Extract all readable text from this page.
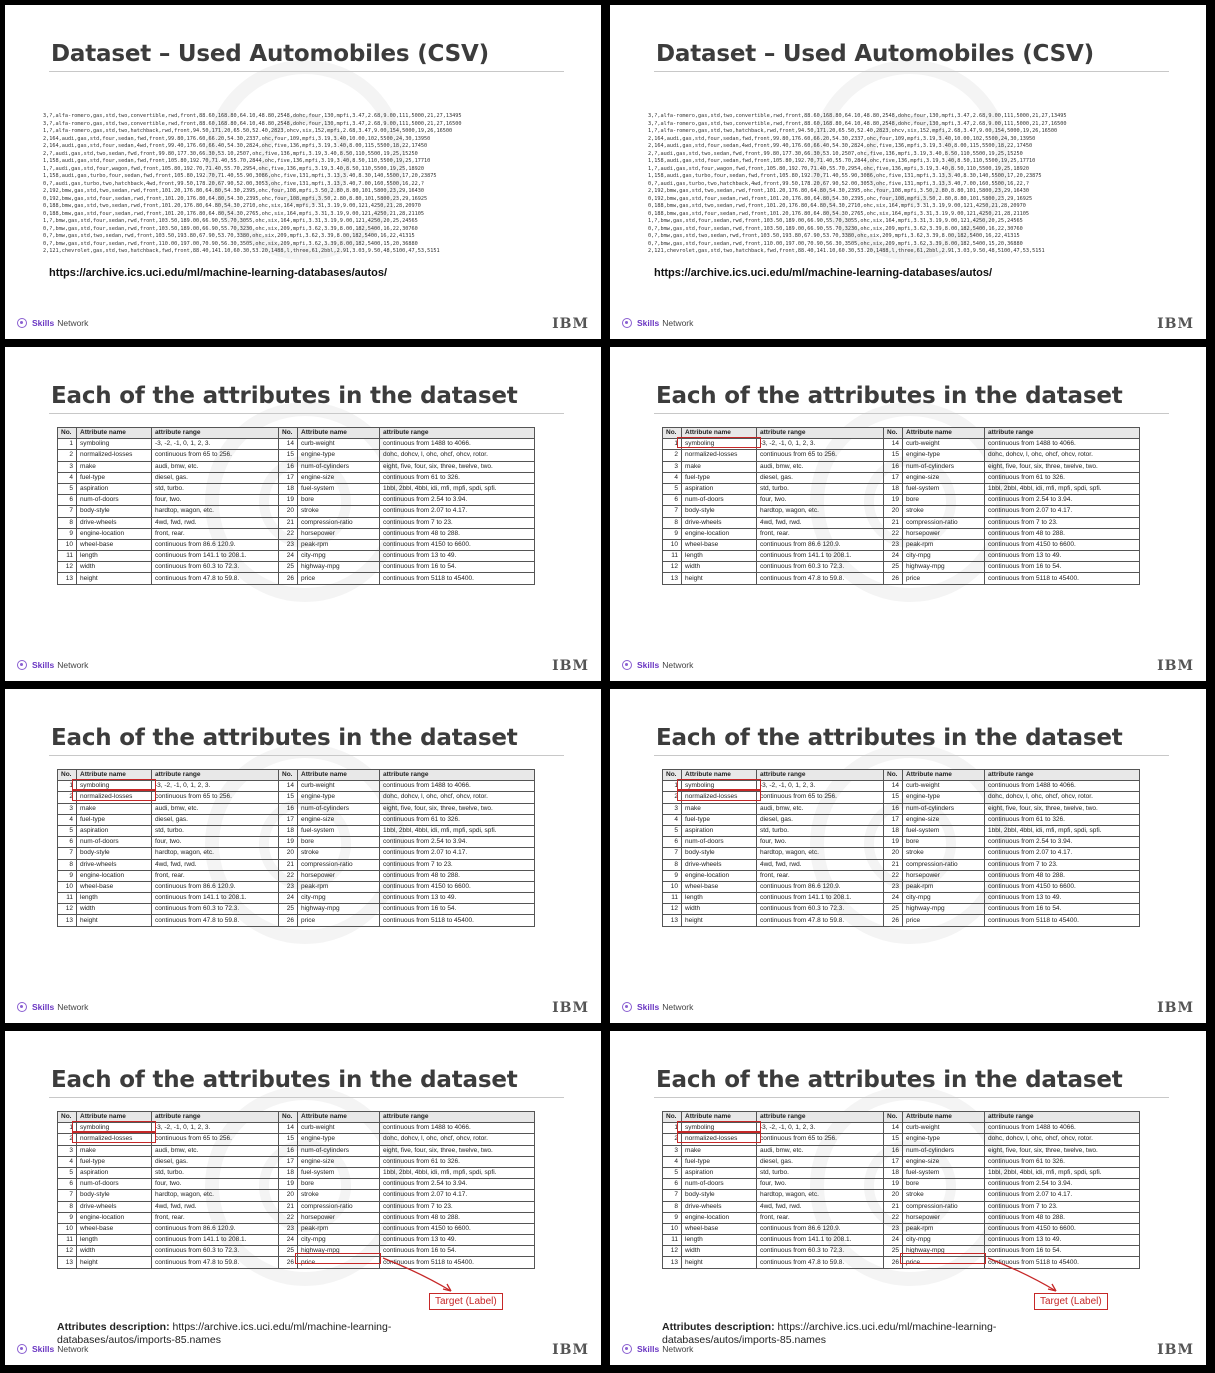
Dataset – Used Automobiles (CSV)
3,?,alfa-romero,gas,std,two,convertible,rwd,front,88.60,168.80,64.10,48.80,2548,dohc,four,130,mpfi,3.47,2.68,9.00,111,5000,21,27,13495
3,?,alfa-romero,gas,std,two,convertible,rwd,front,88.60,168.80,64.10,48.80,2548,dohc,four,130,mpfi,3.47,2.68,9.00,111,5000,21,27,16500
1,?,alfa-romero,gas,std,two,hatchback,rwd,front,94.50,171.20,65.50,52.40,2823,ohcv,six,152,mpfi,2.68,3.47,9.00,154,5000,19,26,16500
2,164,audi,gas,std,four,sedan,fwd,front,99.80,176.60,66.20,54.30,2337,ohc,four,109,mpfi,3.19,3.40,10.00,102,5500,24,30,13950
2,164,audi,gas,std,four,sedan,4wd,front,99.40,176.60,66.40,54.30,2824,ohc,five,136,mpfi,3.19,3.40,8.00,115,5500,18,22,17450
2,?,audi,gas,std,two,sedan,fwd,front,99.80,177.30,66.30,53.10,2507,ohc,five,136,mpfi,3.19,3.40,8.50,110,5500,19,25,15250
1,158,audi,gas,std,four,sedan,fwd,front,105.80,192.70,71.40,55.70,2844,ohc,five,136,mpfi,3.19,3.40,8.50,110,5500,19,25,17710
1,?,audi,gas,std,four,wagon,fwd,front,105.80,192.70,71.40,55.70,2954,ohc,five,136,mpfi,3.19,3.40,8.50,110,5500,19,25,18920
1,158,audi,gas,turbo,four,sedan,fwd,front,105.80,192.70,71.40,55.90,3086,ohc,five,131,mpfi,3.13,3.40,8.30,140,5500,17,20,23875
0,?,audi,gas,turbo,two,hatchback,4wd,front,99.50,178.20,67.90,52.00,3053,ohc,five,131,mpfi,3.13,3.40,7.00,160,5500,16,22,?
2,192,bmw,gas,std,two,sedan,rwd,front,101.20,176.80,64.80,54.30,2395,ohc,four,108,mpfi,3.50,2.80,8.80,101,5800,23,29,16430
0,192,bmw,gas,std,four,sedan,rwd,front,101.20,176.80,64.80,54.30,2395,ohc,four,108,mpfi,3.50,2.80,8.80,101,5800,23,29,16925
0,188,bmw,gas,std,two,sedan,rwd,front,101.20,176.80,64.80,54.30,2710,ohc,six,164,mpfi,3.31,3.19,9.00,121,4250,21,28,20970
0,188,bmw,gas,std,four,sedan,rwd,front,101.20,176.80,64.80,54.30,2765,ohc,six,164,mpfi,3.31,3.19,9.00,121,4250,21,28,21105
1,?,bmw,gas,std,four,sedan,rwd,front,103.50,189.00,66.90,55.70,3055,ohc,six,164,mpfi,3.31,3.19,9.00,121,4250,20,25,24565
0,?,bmw,gas,std,four,sedan,rwd,front,103.50,189.00,66.90,55.70,3230,ohc,six,209,mpfi,3.62,3.39,8.00,182,5400,16,22,30760
0,?,bmw,gas,std,two,sedan,rwd,front,103.50,193.80,67.90,53.70,3380,ohc,six,209,mpfi,3.62,3.39,8.00,182,5400,16,22,41315
0,?,bmw,gas,std,four,sedan,rwd,front,110.00,197.00,70.90,56.30,3505,ohc,six,209,mpfi,3.62,3.39,8.00,182,5400,15,20,36880
2,121,chevrolet,gas,std,two,hatchback,fwd,front,88.40,141.10,60.30,53.20,1488,l,three,61,2bbl,2.91,3.03,9.50,48,5100,47,53,5151
https://archive.ics.uci.edu/ml/machine-learning-databases/autos/
Skills Network	IBM
Dataset – Used Automobiles (CSV)
3,?,alfa-romero,gas,std,two,convertible,rwd,front,88.60,168.80,64.10,48.80,2548,dohc,four,130,mpfi,3.47,2.68,9.00,111,5000,21,27,13495
3,?,alfa-romero,gas,std,two,convertible,rwd,front,88.60,168.80,64.10,48.80,2548,dohc,four,130,mpfi,3.47,2.68,9.00,111,5000,21,27,16500
1,?,alfa-romero,gas,std,two,hatchback,rwd,front,94.50,171.20,65.50,52.40,2823,ohcv,six,152,mpfi,2.68,3.47,9.00,154,5000,19,26,16500
2,164,audi,gas,std,four,sedan,fwd,front,99.80,176.60,66.20,54.30,2337,ohc,four,109,mpfi,3.19,3.40,10.00,102,5500,24,30,13950
2,164,audi,gas,std,four,sedan,4wd,front,99.40,176.60,66.40,54.30,2824,ohc,five,136,mpfi,3.19,3.40,8.00,115,5500,18,22,17450
2,?,audi,gas,std,two,sedan,fwd,front,99.80,177.30,66.30,53.10,2507,ohc,five,136,mpfi,3.19,3.40,8.50,110,5500,19,25,15250
1,158,audi,gas,std,four,sedan,fwd,front,105.80,192.70,71.40,55.70,2844,ohc,five,136,mpfi,3.19,3.40,8.50,110,5500,19,25,17710
1,?,audi,gas,std,four,wagon,fwd,front,105.80,192.70,71.40,55.70,2954,ohc,five,136,mpfi,3.19,3.40,8.50,110,5500,19,25,18920
1,158,audi,gas,turbo,four,sedan,fwd,front,105.80,192.70,71.40,55.90,3086,ohc,five,131,mpfi,3.13,3.40,8.30,140,5500,17,20,23875
0,?,audi,gas,turbo,two,hatchback,4wd,front,99.50,178.20,67.90,52.00,3053,ohc,five,131,mpfi,3.13,3.40,7.00,160,5500,16,22,?
2,192,bmw,gas,std,two,sedan,rwd,front,101.20,176.80,64.80,54.30,2395,ohc,four,108,mpfi,3.50,2.80,8.80,101,5800,23,29,16430
0,192,bmw,gas,std,four,sedan,rwd,front,101.20,176.80,64.80,54.30,2395,ohc,four,108,mpfi,3.50,2.80,8.80,101,5800,23,29,16925
0,188,bmw,gas,std,two,sedan,rwd,front,101.20,176.80,64.80,54.30,2710,ohc,six,164,mpfi,3.31,3.19,9.00,121,4250,21,28,20970
0,188,bmw,gas,std,four,sedan,rwd,front,101.20,176.80,64.80,54.30,2765,ohc,six,164,mpfi,3.31,3.19,9.00,121,4250,21,28,21105
1,?,bmw,gas,std,four,sedan,rwd,front,103.50,189.00,66.90,55.70,3055,ohc,six,164,mpfi,3.31,3.19,9.00,121,4250,20,25,24565
0,?,bmw,gas,std,four,sedan,rwd,front,103.50,189.00,66.90,55.70,3230,ohc,six,209,mpfi,3.62,3.39,8.00,182,5400,16,22,30760
0,?,bmw,gas,std,two,sedan,rwd,front,103.50,193.80,67.90,53.70,3380,ohc,six,209,mpfi,3.62,3.39,8.00,182,5400,16,22,41315
0,?,bmw,gas,std,four,sedan,rwd,front,110.00,197.00,70.90,56.30,3505,ohc,six,209,mpfi,3.62,3.39,8.00,182,5400,15,20,36880
2,121,chevrolet,gas,std,two,hatchback,fwd,front,88.40,141.10,60.30,53.20,1488,l,three,61,2bbl,2.91,3.03,9.50,48,5100,47,53,5151
https://archive.ics.uci.edu/ml/machine-learning-databases/autos/
Skills Network	IBM
Each of the attributes in the dataset
No.	Attribute name	attribute range	No.	Attribute name	attribute range
1	symboling	-3, -2, -1, 0, 1, 2, 3.	14	curb-weight	continuous from 1488 to 4066.
2	normalized-losses	continuous from 65 to 256.	15	engine-type	dohc, dohcv, l, ohc, ohcf, ohcv, rotor.
3	make	audi, bmw, etc.	16	num-of-cylinders	eight, five, four, six, three, twelve, two.
4	fuel-type	diesel, gas.	17	engine-size	continuous from 61 to 326.
5	aspiration	std, turbo.	18	fuel-system	1bbl, 2bbl, 4bbl, idi, mfi, mpfi, spdi, spfi.
6	num-of-doors	four, two.	19	bore	continuous from 2.54 to 3.94.
7	body-style	hardtop, wagon, etc.	20	stroke	continuous from 2.07 to 4.17.
8	drive-wheels	4wd, fwd, rwd.	21	compression-ratio	continuous from 7 to 23.
9	engine-location	front, rear.	22	horsepower	continuous from 48 to 288.
10	wheel-base	continuous from 86.6 120.9.	23	peak-rpm	continuous from 4150 to 6600.
11	length	continuous from 141.1 to 208.1.	24	city-mpg	continuous from 13 to 49.
12	width	continuous from 60.3 to 72.3.	25	highway-mpg	continuous from 16 to 54.
13	height	continuous from 47.8 to 59.8.	26	price	continuous from 5118 to 45400.
Skills Network	IBM
Each of the attributes in the dataset
No.	Attribute name	attribute range	No.	Attribute name	attribute range
1	symboling	-3, -2, -1, 0, 1, 2, 3.	14	curb-weight	continuous from 1488 to 4066.
2	normalized-losses	continuous from 65 to 256.	15	engine-type	dohc, dohcv, l, ohc, ohcf, ohcv, rotor.
3	make	audi, bmw, etc.	16	num-of-cylinders	eight, five, four, six, three, twelve, two.
4	fuel-type	diesel, gas.	17	engine-size	continuous from 61 to 326.
5	aspiration	std, turbo.	18	fuel-system	1bbl, 2bbl, 4bbl, idi, mfi, mpfi, spdi, spfi.
6	num-of-doors	four, two.	19	bore	continuous from 2.54 to 3.94.
7	body-style	hardtop, wagon, etc.	20	stroke	continuous from 2.07 to 4.17.
8	drive-wheels	4wd, fwd, rwd.	21	compression-ratio	continuous from 7 to 23.
9	engine-location	front, rear.	22	horsepower	continuous from 48 to 288.
10	wheel-base	continuous from 86.6 120.9.	23	peak-rpm	continuous from 4150 to 6600.
11	length	continuous from 141.1 to 208.1.	24	city-mpg	continuous from 13 to 49.
12	width	continuous from 60.3 to 72.3.	25	highway-mpg	continuous from 16 to 54.
13	height	continuous from 47.8 to 59.8.	26	price	continuous from 5118 to 45400.
Skills Network	IBM
Each of the attributes in the dataset
No.	Attribute name	attribute range	No.	Attribute name	attribute range
1	symboling	-3, -2, -1, 0, 1, 2, 3.	14	curb-weight	continuous from 1488 to 4066.
2	normalized-losses	continuous from 65 to 256.	15	engine-type	dohc, dohcv, l, ohc, ohcf, ohcv, rotor.
3	make	audi, bmw, etc.	16	num-of-cylinders	eight, five, four, six, three, twelve, two.
4	fuel-type	diesel, gas.	17	engine-size	continuous from 61 to 326.
5	aspiration	std, turbo.	18	fuel-system	1bbl, 2bbl, 4bbl, idi, mfi, mpfi, spdi, spfi.
6	num-of-doors	four, two.	19	bore	continuous from 2.54 to 3.94.
7	body-style	hardtop, wagon, etc.	20	stroke	continuous from 2.07 to 4.17.
8	drive-wheels	4wd, fwd, rwd.	21	compression-ratio	continuous from 7 to 23.
9	engine-location	front, rear.	22	horsepower	continuous from 48 to 288.
10	wheel-base	continuous from 86.6 120.9.	23	peak-rpm	continuous from 4150 to 6600.
11	length	continuous from 141.1 to 208.1.	24	city-mpg	continuous from 13 to 49.
12	width	continuous from 60.3 to 72.3.	25	highway-mpg	continuous from 16 to 54.
13	height	continuous from 47.8 to 59.8.	26	price	continuous from 5118 to 45400.
Skills Network	IBM
Each of the attributes in the dataset
No.	Attribute name	attribute range	No.	Attribute name	attribute range
1	symboling	-3, -2, -1, 0, 1, 2, 3.	14	curb-weight	continuous from 1488 to 4066.
2	normalized-losses	continuous from 65 to 256.	15	engine-type	dohc, dohcv, l, ohc, ohcf, ohcv, rotor.
3	make	audi, bmw, etc.	16	num-of-cylinders	eight, five, four, six, three, twelve, two.
4	fuel-type	diesel, gas.	17	engine-size	continuous from 61 to 326.
5	aspiration	std, turbo.	18	fuel-system	1bbl, 2bbl, 4bbl, idi, mfi, mpfi, spdi, spfi.
6	num-of-doors	four, two.	19	bore	continuous from 2.54 to 3.94.
7	body-style	hardtop, wagon, etc.	20	stroke	continuous from 2.07 to 4.17.
8	drive-wheels	4wd, fwd, rwd.	21	compression-ratio	continuous from 7 to 23.
9	engine-location	front, rear.	22	horsepower	continuous from 48 to 288.
10	wheel-base	continuous from 86.6 120.9.	23	peak-rpm	continuous from 4150 to 6600.
11	length	continuous from 141.1 to 208.1.	24	city-mpg	continuous from 13 to 49.
12	width	continuous from 60.3 to 72.3.	25	highway-mpg	continuous from 16 to 54.
13	height	continuous from 47.8 to 59.8.	26	price	continuous from 5118 to 45400.
Skills Network	IBM
Each of the attributes in the dataset
No.	Attribute name	attribute range	No.	Attribute name	attribute range
1	symboling	-3, -2, -1, 0, 1, 2, 3.	14	curb-weight	continuous from 1488 to 4066.
2	normalized-losses	continuous from 65 to 256.	15	engine-type	dohc, dohcv, l, ohc, ohcf, ohcv, rotor.
3	make	audi, bmw, etc.	16	num-of-cylinders	eight, five, four, six, three, twelve, two.
4	fuel-type	diesel, gas.	17	engine-size	continuous from 61 to 326.
5	aspiration	std, turbo.	18	fuel-system	1bbl, 2bbl, 4bbl, idi, mfi, mpfi, spdi, spfi.
6	num-of-doors	four, two.	19	bore	continuous from 2.54 to 3.94.
7	body-style	hardtop, wagon, etc.	20	stroke	continuous from 2.07 to 4.17.
8	drive-wheels	4wd, fwd, rwd.	21	compression-ratio	continuous from 7 to 23.
9	engine-location	front, rear.	22	horsepower	continuous from 48 to 288.
10	wheel-base	continuous from 86.6 120.9.	23	peak-rpm	continuous from 4150 to 6600.
11	length	continuous from 141.1 to 208.1.	24	city-mpg	continuous from 13 to 49.
12	width	continuous from 60.3 to 72.3.	25	highway-mpg	continuous from 16 to 54.
13	height	continuous from 47.8 to 59.8.	26	price	continuous from 5118 to 45400.
Target (Label)
Attributes description: https://archive.ics.uci.edu/ml/machine-learning-databases/autos/imports-85.names
Skills Network	IBM
Each of the attributes in the dataset
No.	Attribute name	attribute range	No.	Attribute name	attribute range
1	symboling	-3, -2, -1, 0, 1, 2, 3.	14	curb-weight	continuous from 1488 to 4066.
2	normalized-losses	continuous from 65 to 256.	15	engine-type	dohc, dohcv, l, ohc, ohcf, ohcv, rotor.
3	make	audi, bmw, etc.	16	num-of-cylinders	eight, five, four, six, three, twelve, two.
4	fuel-type	diesel, gas.	17	engine-size	continuous from 61 to 326.
5	aspiration	std, turbo.	18	fuel-system	1bbl, 2bbl, 4bbl, idi, mfi, mpfi, spdi, spfi.
6	num-of-doors	four, two.	19	bore	continuous from 2.54 to 3.94.
7	body-style	hardtop, wagon, etc.	20	stroke	continuous from 2.07 to 4.17.
8	drive-wheels	4wd, fwd, rwd.	21	compression-ratio	continuous from 7 to 23.
9	engine-location	front, rear.	22	horsepower	continuous from 48 to 288.
10	wheel-base	continuous from 86.6 120.9.	23	peak-rpm	continuous from 4150 to 6600.
11	length	continuous from 141.1 to 208.1.	24	city-mpg	continuous from 13 to 49.
12	width	continuous from 60.3 to 72.3.	25	highway-mpg	continuous from 16 to 54.
13	height	continuous from 47.8 to 59.8.	26	price	continuous from 5118 to 45400.
Target (Label)
Attributes description: https://archive.ics.uci.edu/ml/machine-learning-databases/autos/imports-85.names
Skills Network	IBM
